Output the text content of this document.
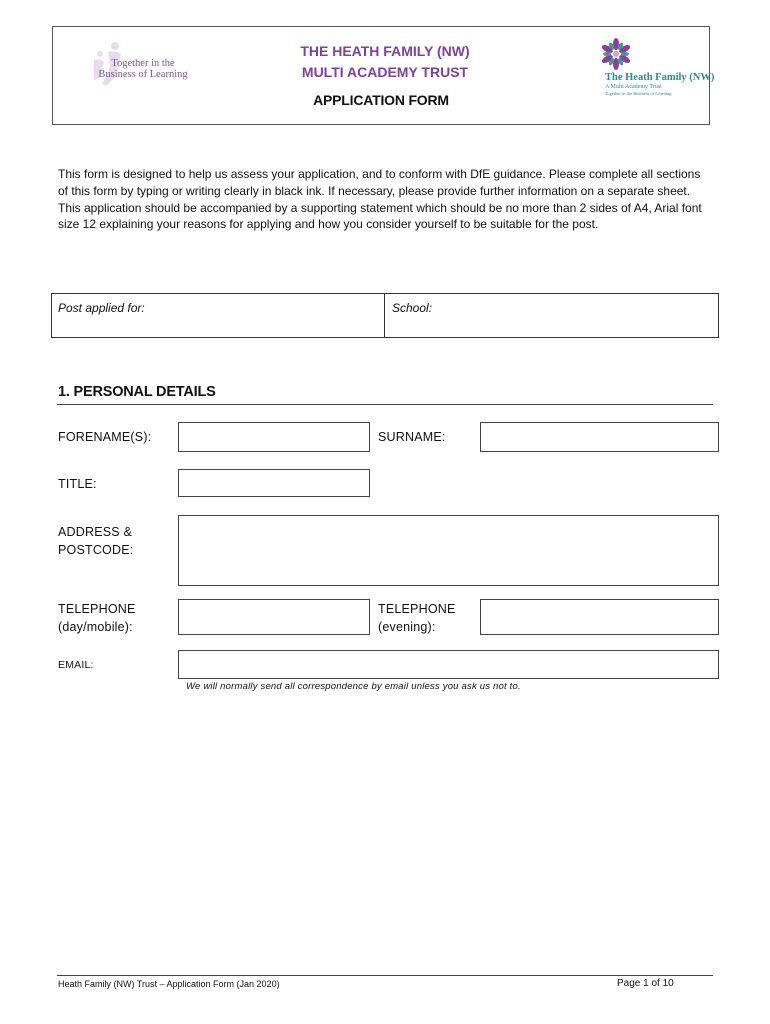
Together in the Business of Learning
THE HEATH FAMILY (NW)
MULTI ACADEMY TRUST
APPLICATION FORM
The Heath Family (NW)
A Multi Academy Trust
Together in the Business of Learning
This form is designed to help us assess your application, and to conform with DfE guidance. Please complete all sections of this form by typing or writing clearly in black ink. If necessary, please provide further information on a separate sheet. This application should be accompanied by a supporting statement which should be no more than 2 sides of A4, Arial font size 12 explaining your reasons for applying and how you consider yourself to be suitable for the post.
Post applied for:	School:
1. PERSONAL DETAILS
FORENAME(S):	SURNAME:
TITLE:
ADDRESS & POSTCODE:
TELEPHONE (day/mobile):
TELEPHONE (evening):
EMAIL:
We will normally send all correspondence by email unless you ask us not to.
Heath Family (NW) Trust – Application Form (Jan 2020)	Page 1 of 10
